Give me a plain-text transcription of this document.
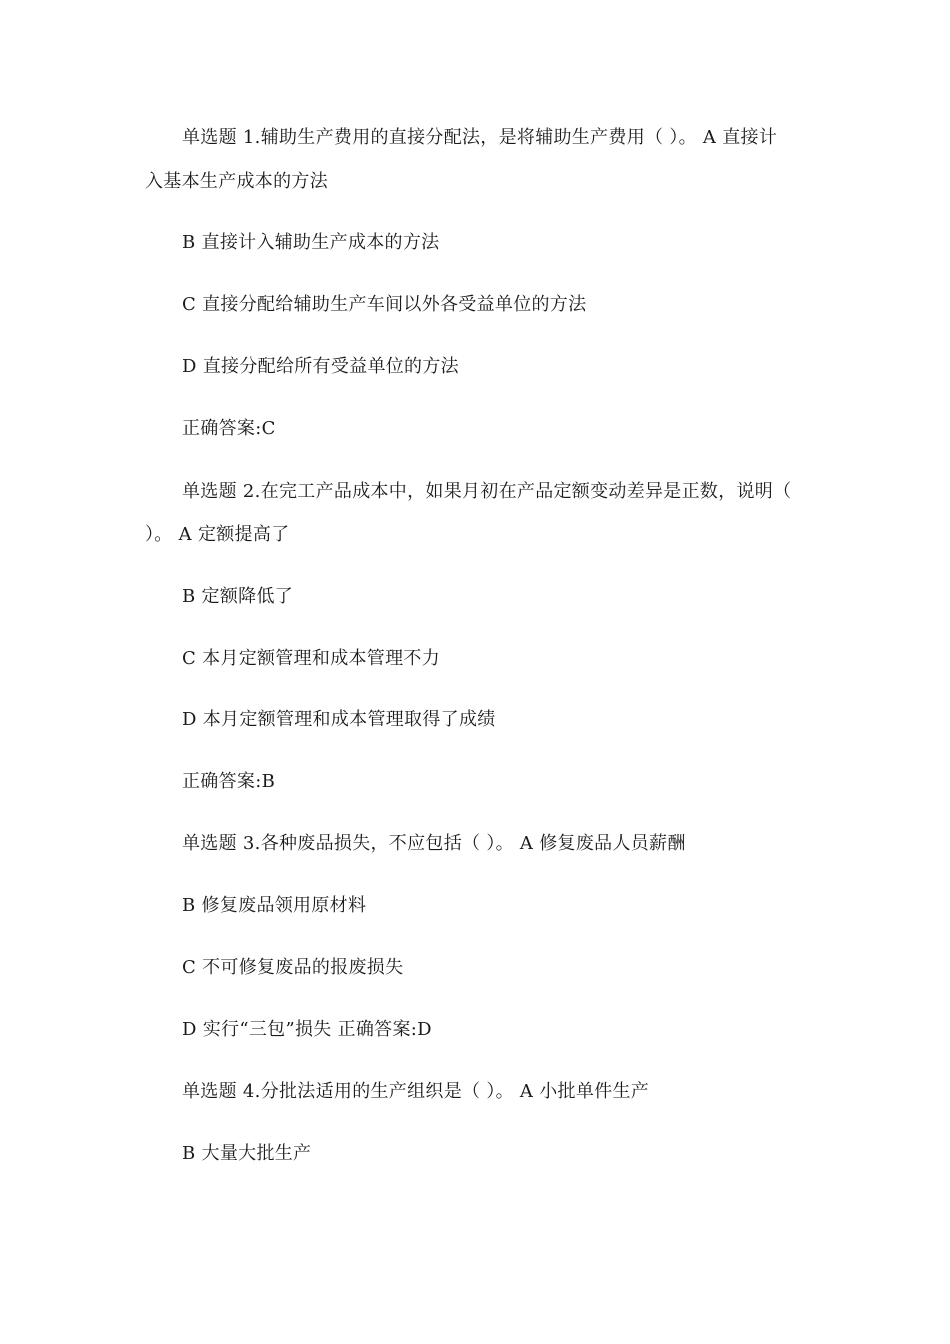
单选题 1.辅助生产费用的直接分配法，是将辅助生产费用（ ）。 A 直接计
入基本生产成本的方法
B 直接计入辅助生产成本的方法
C 直接分配给辅助生产车间以外各受益单位的方法
D 直接分配给所有受益单位的方法
正确答案:C
单选题 2.在完工产品成本中，如果月初在产品定额变动差异是正数，说明（
）。 A 定额提高了
B 定额降低了
C 本月定额管理和成本管理不力
D 本月定额管理和成本管理取得了成绩
正确答案:B
单选题 3.各种废品损失，不应包括（ ）。 A 修复废品人员薪酬
B 修复废品领用原材料
C 不可修复废品的报废损失
D 实行“三包”损失 正确答案:D
单选题 4.分批法适用的生产组织是（ ）。 A 小批单件生产
B 大量大批生产
